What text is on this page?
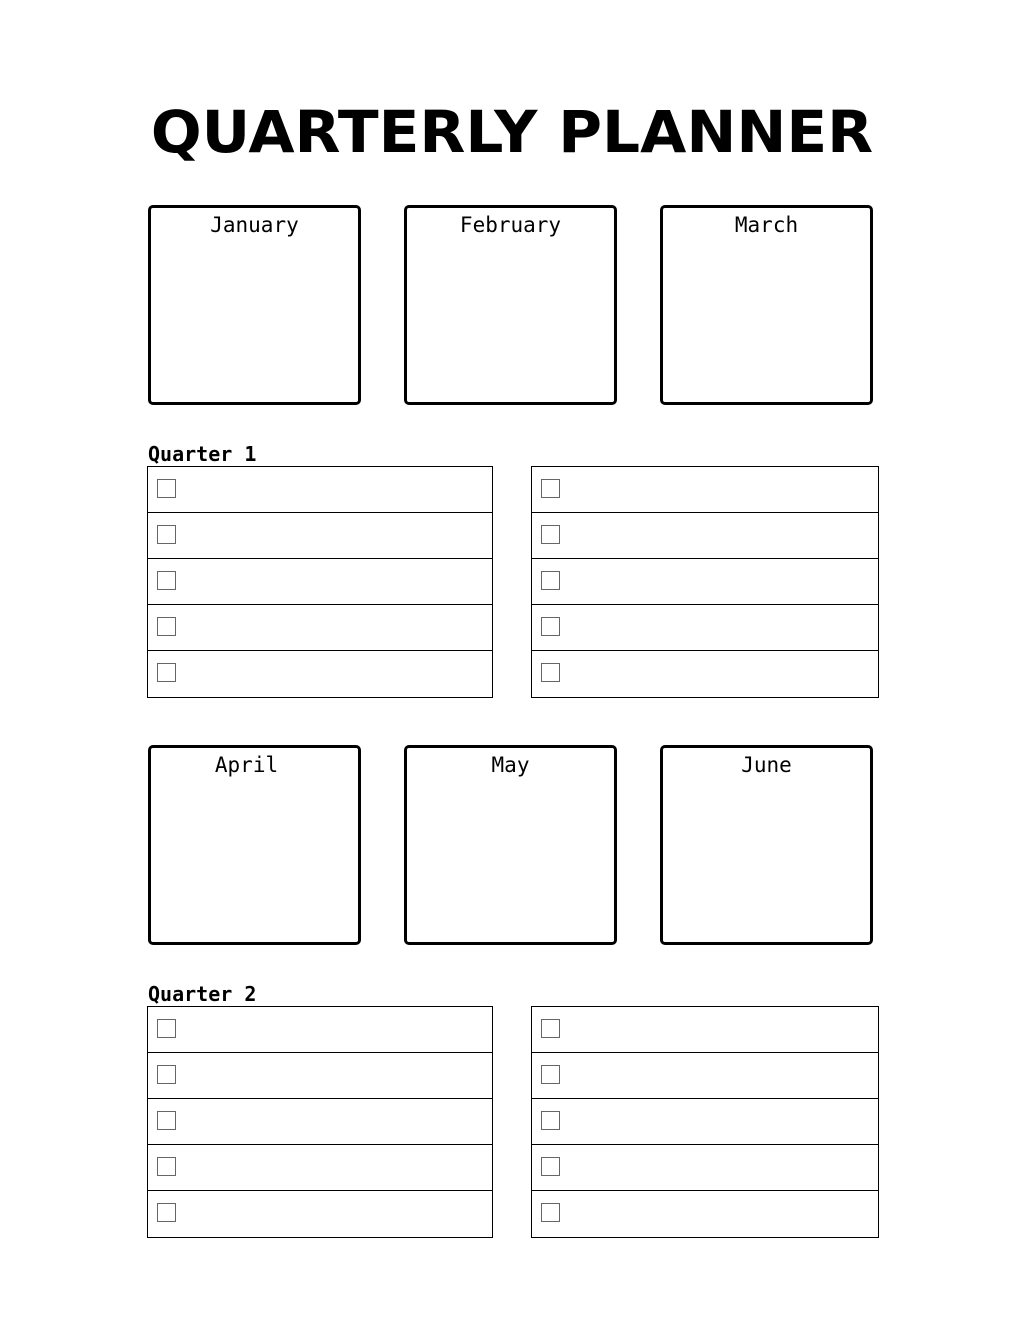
QUARTERLY PLANNER
January	February	March
Quarter 1
April	May	June
Quarter 2
